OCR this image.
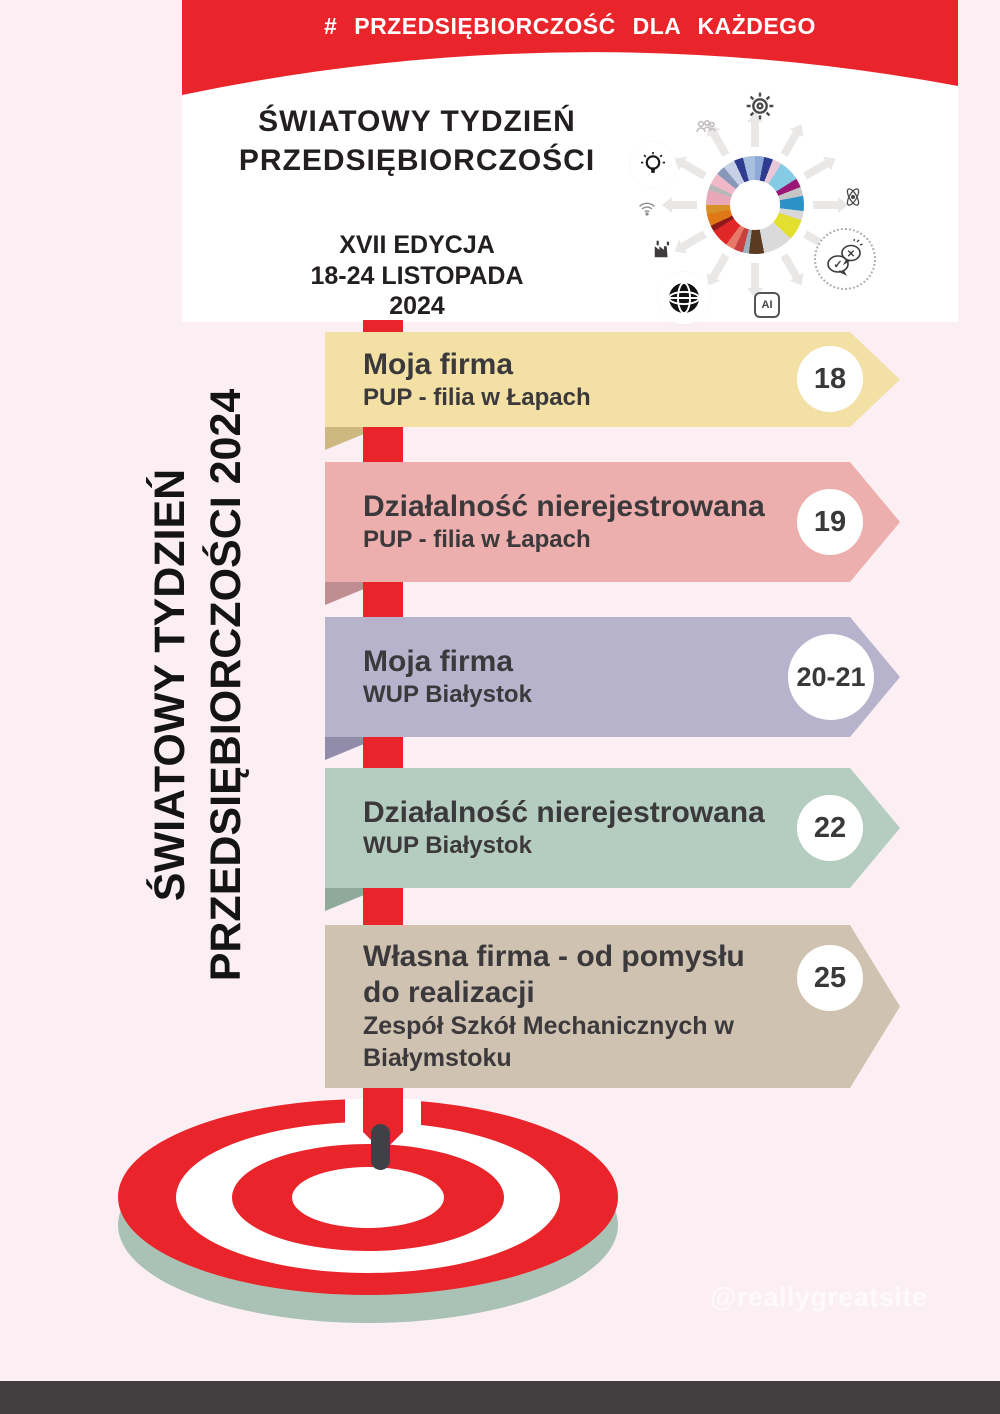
# PRZEDSIĘBIORCZOŚĆ DLA KAŻDEGO
ŚWIATOWY TYDZIEŃ
PRZEDSIĘBIORCZOŚCI
XVII EDYCJA
18-24 LISTOPADA
2024	AI
✕
✓
ŚWIATOWY TYDZIEŃ PRZEDSIĘBIORCZOŚCI 2024
Moja firma
PUP - filia w Łapach
Działalność nierejestrowana
PUP - filia w Łapach
Moja firma
WUP Białystok
Działalność nierejestrowana
WUP Białystok
Własna firma - od pomysłu do realizacji
Zespół Szkół Mechanicznych w Białymstoku
18
19
20-21
22
25
@reallygreatsite
